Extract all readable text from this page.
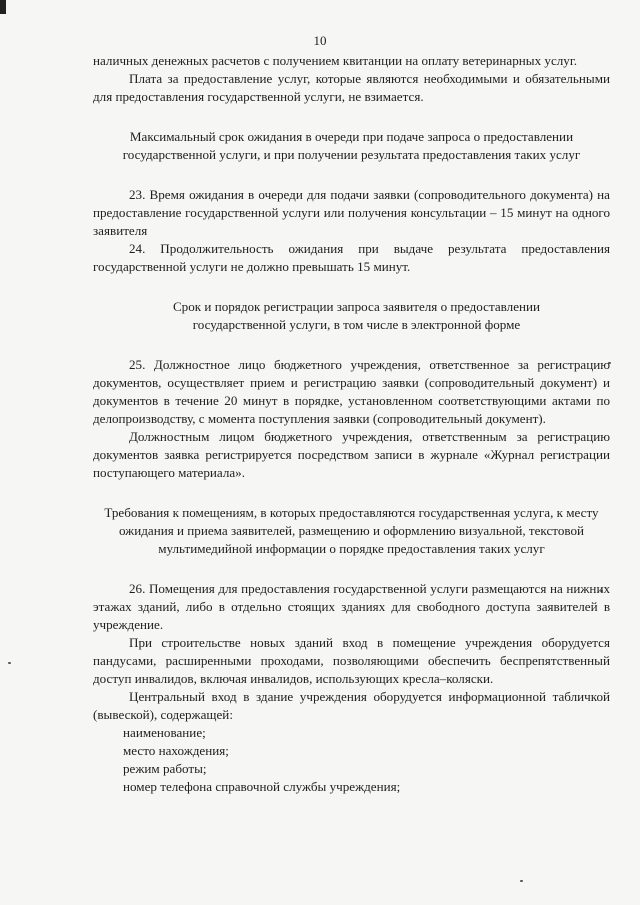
10

наличных денежных расчетов с получением квитанции на оплату ветеринарных услуг.

Плата за предоставление услуг, которые являются необходимыми и обязательными для предоставления государственной услуги, не взимается.

Максимальный срок ожидания в очереди при подаче запроса о предоставлении государственной услуги, и при получении результата предоставления таких услуг

23. Время ожидания в очереди для подачи заявки (сопроводительного документа) на предоставление государственной услуги или получения консультации – 15 минут на одного заявителя

24. Продолжительность ожидания при выдаче результата предоставления государственной услуги не должно превышать 15 минут.

Срок и порядок регистрации запроса заявителя о предоставлении государственной услуги, в том числе в электронной форме

25. Должностное лицо бюджетного учреждения, ответственное за регистрацию документов, осуществляет прием и регистрацию заявки (сопроводительный документ) и документов в течение 20 минут в порядке, установленном соответствующими актами по делопроизводству, с момента поступления заявки (сопроводительный документ).

Должностным лицом бюджетного учреждения, ответственным за регистрацию документов заявка регистрируется посредством записи в журнале «Журнал регистрации поступающего материала».

Требования к помещениям, в которых предоставляются государственная услуга, к месту ожидания и приема заявителей, размещению и оформлению визуальной, текстовой мультимедийной информации о порядке предоставления таких услуг

26. Помещения для предоставления государственной услуги размещаются на нижних этажах зданий, либо в отдельно стоящих зданиях для свободного доступа заявителей в учреждение.

При строительстве новых зданий вход в помещение учреждения оборудуется пандусами, расширенными проходами, позволяющими обеспечить беспрепятственный доступ инвалидов, включая инвалидов, использующих кресла–коляски.

Центральный вход в здание учреждения оборудуется информационной табличкой (вывеской), содержащей:

наименование;

место нахождения;

режим работы;

номер телефона справочной службы учреждения;
